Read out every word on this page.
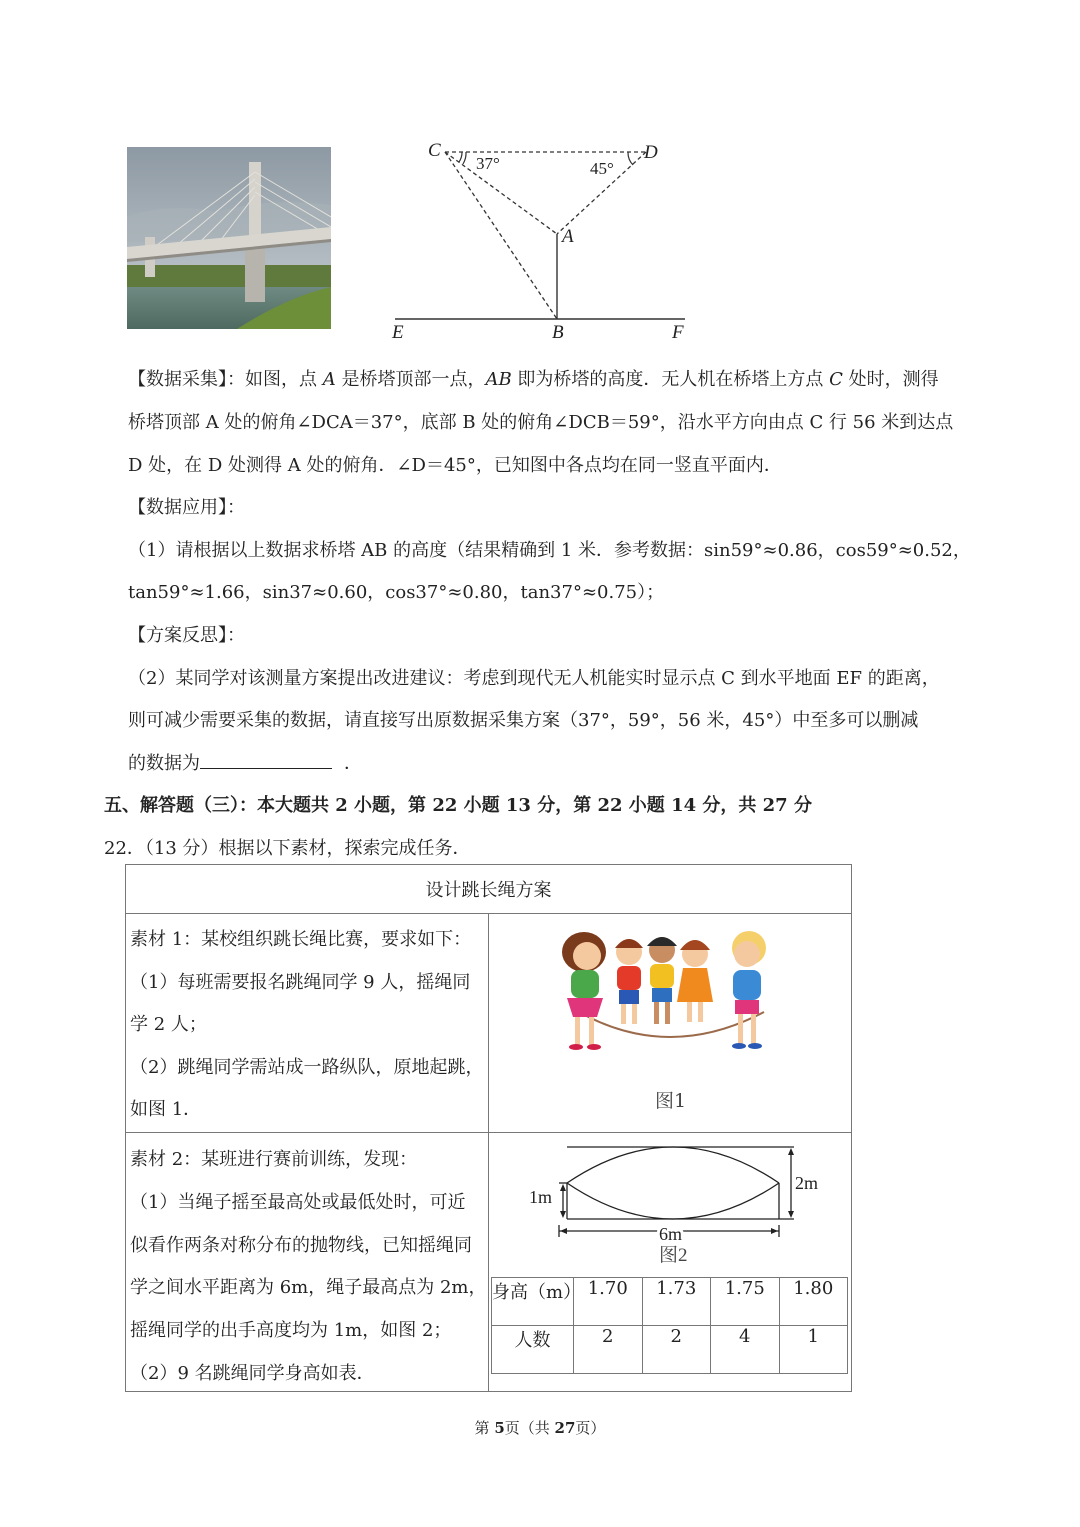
C	D
A
B
E	F
37°	45°
【数据采集】：如图，点 A 是桥塔顶部一点，AB 即为桥塔的高度．无人机在桥塔上方点 C 处时，测得
桥塔顶部 A 处的俯角∠DCA＝37°，底部 B 处的俯角∠DCB＝59°，沿水平方向由点 C 行 56 米到达点
D 处，在 D 处测得 A 处的俯角．∠D＝45°，已知图中各点均在同一竖直平面内．
【数据应用】：
（1）请根据以上数据求桥塔 AB 的高度（结果精确到 1 米．参考数据：sin59°≈0.86，cos59°≈0.52，
tan59°≈1.66，sin37≈0.60，cos37°≈0.80，tan37°≈0.75）；
【方案反思】：
（2）某同学对该测量方案提出改进建议：考虑到现代无人机能实时显示点 C 到水平地面 EF 的距离，
则可减少需要采集的数据，请直接写出原数据采集方案（37°，59°，56 米，45°）中至多可以删减
的数据为	．
五、解答题（三）：本大题共 2 小题，第 22 小题 13 分，第 22 小题 14 分，共 27 分
22．（13 分）根据以下素材，探索完成任务．
设计跳长绳方案

素材 1：某校组织跳长绳比赛，要求如下：
（1）每班需要报名跳绳同学 9 人，摇绳同
学 2 人；
（2）跳绳同学需站成一路纵队，原地起跳，
如图 1．	图1

素材 2：某班进行赛前训练，发现：
（1）当绳子摇至最高处或最低处时，可近
似看作两条对称分布的抛物线，已知摇绳同
学之间水平距离为 6m，绳子最高点为 2m，
摇绳同学的出手高度均为 1m，如图 2；
（2）9 名跳绳同学身高如表．

1m
2m
6m
图2
身高（m）	1.70	1.73	1.75	1.80
人数	2	2	4	1
第 5页（共 27页）
